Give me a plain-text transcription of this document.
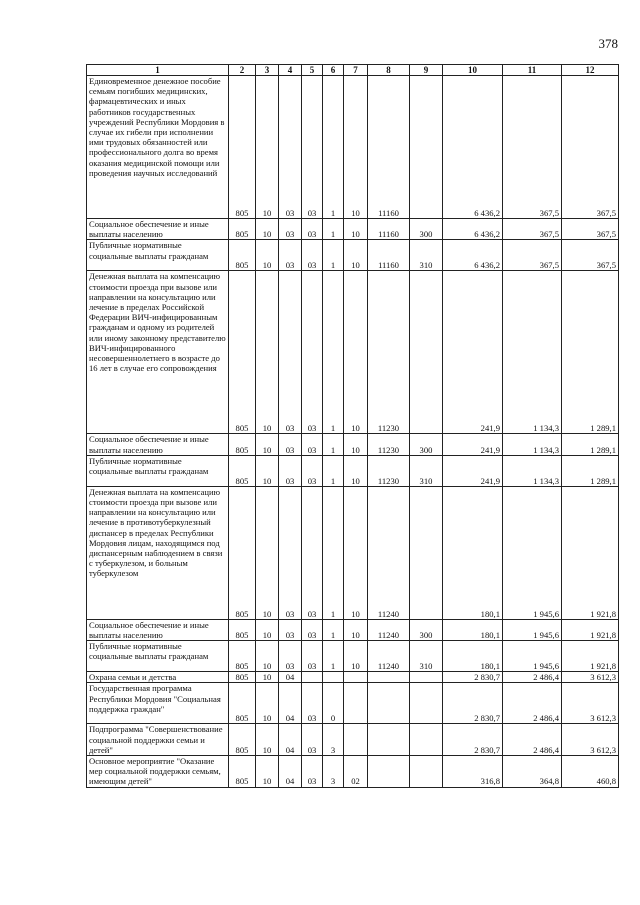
378
1	2	3	4	5	6	7	8	9	10	11	12
Единовременное денежное пособие семьям погибших медицинских, фармацевтических и иных работников государственных учреждений Республики Мордовия в случае их гибели при исполнении ими трудовых обязанностей или профессионального долга во время оказания медицинской помощи или проведения научных исследований	805	10	03	03	1	10	11160		6 436,2	367,5	367,5
Социальное обеспечение и иные выплаты населению	805	10	03	03	1	10	11160	300	6 436,2	367,5	367,5
Публичные нормативные социальные выплаты гражданам	805	10	03	03	1	10	11160	310	6 436,2	367,5	367,5
Денежная выплата на компенсацию стоимости проезда при вызове или направлении на консультацию или лечение в пределах Российской Федерации ВИЧ-инфицированным гражданам и одному из родителей или иному законному представителю ВИЧ-инфицированного несовершеннолетнего в возрасте до 16 лет в случае его сопровождения	805	10	03	03	1	10	11230		241,9	1 134,3	1 289,1
Социальное обеспечение и иные выплаты населению	805	10	03	03	1	10	11230	300	241,9	1 134,3	1 289,1
Публичные нормативные социальные выплаты гражданам	805	10	03	03	1	10	11230	310	241,9	1 134,3	1 289,1
Денежная выплата на компенсацию стоимости проезда при вызове или направлении на консультацию или лечение в противотуберкулезный диспансер в пределах Республики Мордовия лицам, находящимся под диспансерным наблюдением в связи с туберкулезом, и больным туберкулезом	805	10	03	03	1	10	11240		180,1	1 945,6	1 921,8
Социальное обеспечение и иные выплаты населению	805	10	03	03	1	10	11240	300	180,1	1 945,6	1 921,8
Публичные нормативные социальные выплаты гражданам	805	10	03	03	1	10	11240	310	180,1	1 945,6	1 921,8
Охрана семьи и детства	805	10	04						2 830,7	2 486,4	3 612,3
Государственная программа Республики Мордовия "Социальная поддержка граждан"	805	10	04	03	0				2 830,7	2 486,4	3 612,3
Подпрограмма "Совершенствование социальной поддержки семьи и детей"	805	10	04	03	3				2 830,7	2 486,4	3 612,3
Основное мероприятие "Оказание мер социальной поддержки семьям, имеющим детей"	805	10	04	03	3	02			316,8	364,8	460,8
